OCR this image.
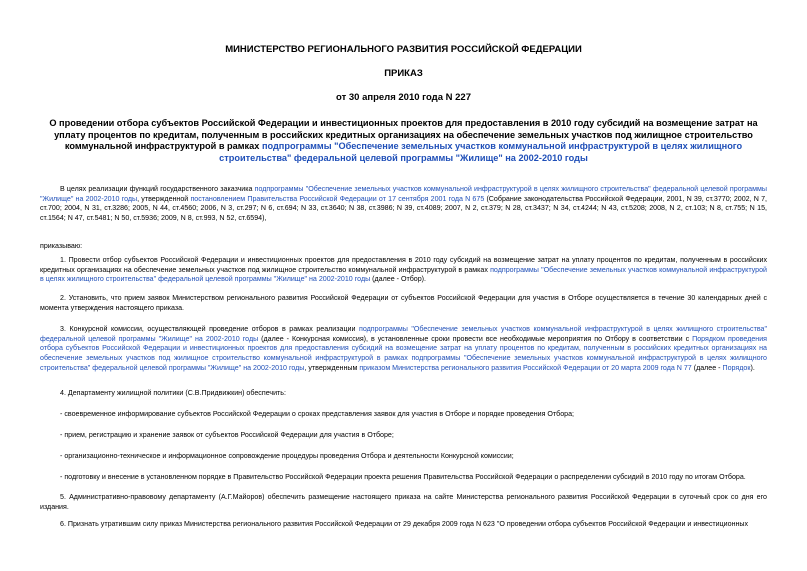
МИНИСТЕРСТВО РЕГИОНАЛЬНОГО РАЗВИТИЯ РОССИЙСКОЙ ФЕДЕРАЦИИ
ПРИКАЗ
от 30 апреля 2010 года N 227
О проведении отбора субъектов Российской Федерации и инвестиционных проектов для предоставления в 2010 году субсидий на возмещение затрат на уплату процентов по кредитам, полученным в российских кредитных организациях на обеспечение земельных участков под жилищное строительство коммунальной инфраструктурой в рамках подпрограммы "Обеспечение земельных участков коммунальной инфраструктурой в целях жилищного строительства" федеральной целевой программы "Жилище" на 2002-2010 годы
В целях реализации функций государственного заказчика подпрограммы "Обеспечение земельных участков коммунальной инфраструктурой в целях жилищного строительства" федеральной целевой программы "Жилище" на 2002-2010 годы, утвержденной постановлением Правительства Российской Федерации от 17 сентября 2001 года N 675 (Собрание законодательства Российской Федерации, 2001, N 39, ст.3770; 2002, N 7, ст.700; 2004, N 31, ст.3286; 2005, N 44, ст.4560; 2006, N 3, ст.297; N 6, ст.694; N 33, ст.3640; N 38, ст.3986; N 39, ст.4089; 2007, N 2, ст.379; N 28, ст.3437; N 34, ст.4244; N 43, ст.5208; 2008, N 2, ст.103; N 8, ст.755; N 15, ст.1564; N 47, ст.5481; N 50, ст.5936; 2009, N 8, ст.993, N 52, ст.6594),
приказываю:
1. Провести отбор субъектов Российской Федерации и инвестиционных проектов для предоставления в 2010 году субсидий на возмещение затрат на уплату процентов по кредитам, полученным в российских кредитных организациях на обеспечение земельных участков под жилищное строительство коммунальной инфраструктурой в рамках подпрограммы "Обеспечение земельных участков коммунальной инфраструктурой в целях жилищного строительства" федеральной целевой программы "Жилище" на 2002-2010 годы (далее - Отбор).
2. Установить, что прием заявок Министерством регионального развития Российской Федерации от субъектов Российской Федерации для участия в Отборе осуществляется в течение 30 календарных дней с момента утверждения настоящего приказа.
3. Конкурсной комиссии, осуществляющей проведение отборов в рамках реализации подпрограммы "Обеспечение земельных участков коммунальной инфраструктурой в целях жилищного строительства" федеральной целевой программы "Жилище" на 2002-2010 годы (далее - Конкурсная комиссия), в установленные сроки провести все необходимые мероприятия по Отбору в соответствии с Порядком проведения отбора субъектов Российской Федерации и инвестиционных проектов для предоставления субсидий на возмещение затрат на уплату процентов по кредитам, полученным в российских кредитных организациях на обеспечение земельных участков под жилищное строительство коммунальной инфраструктурой в рамках подпрограммы "Обеспечение земельных участков коммунальной инфраструктурой в целях жилищного строительства" федеральной целевой программы "Жилище" на 2002-2010 годы, утвержденным приказом Министерства регионального развития Российской Федерации от 20 марта 2009 года N 77 (далее - Порядок).
4. Департаменту жилищной политики (С.В.Придвижкин) обеспечить:
- своевременное информирование субъектов Российской Федерации о сроках представления заявок для участия в Отборе и порядке проведения Отбора;
- прием, регистрацию и хранение заявок от субъектов Российской Федерации для участия в Отборе;
- организационно-техническое и информационное сопровождение процедуры проведения Отбора и деятельности Конкурсной комиссии;
- подготовку и внесение в установленном порядке в Правительство Российской Федерации проекта решения Правительства Российской Федерации о распределении субсидий в 2010 году по итогам Отбора.
5. Административно-правовому департаменту (А.Г.Майоров) обеспечить размещение настоящего приказа на сайте Министерства регионального развития Российской Федерации в суточный срок со дня его издания.
6. Признать утратившим силу приказ Министерства регионального развития Российской Федерации от 29 декабря 2009 года N 623 "О проведении отбора субъектов Российской Федерации и инвестиционных
